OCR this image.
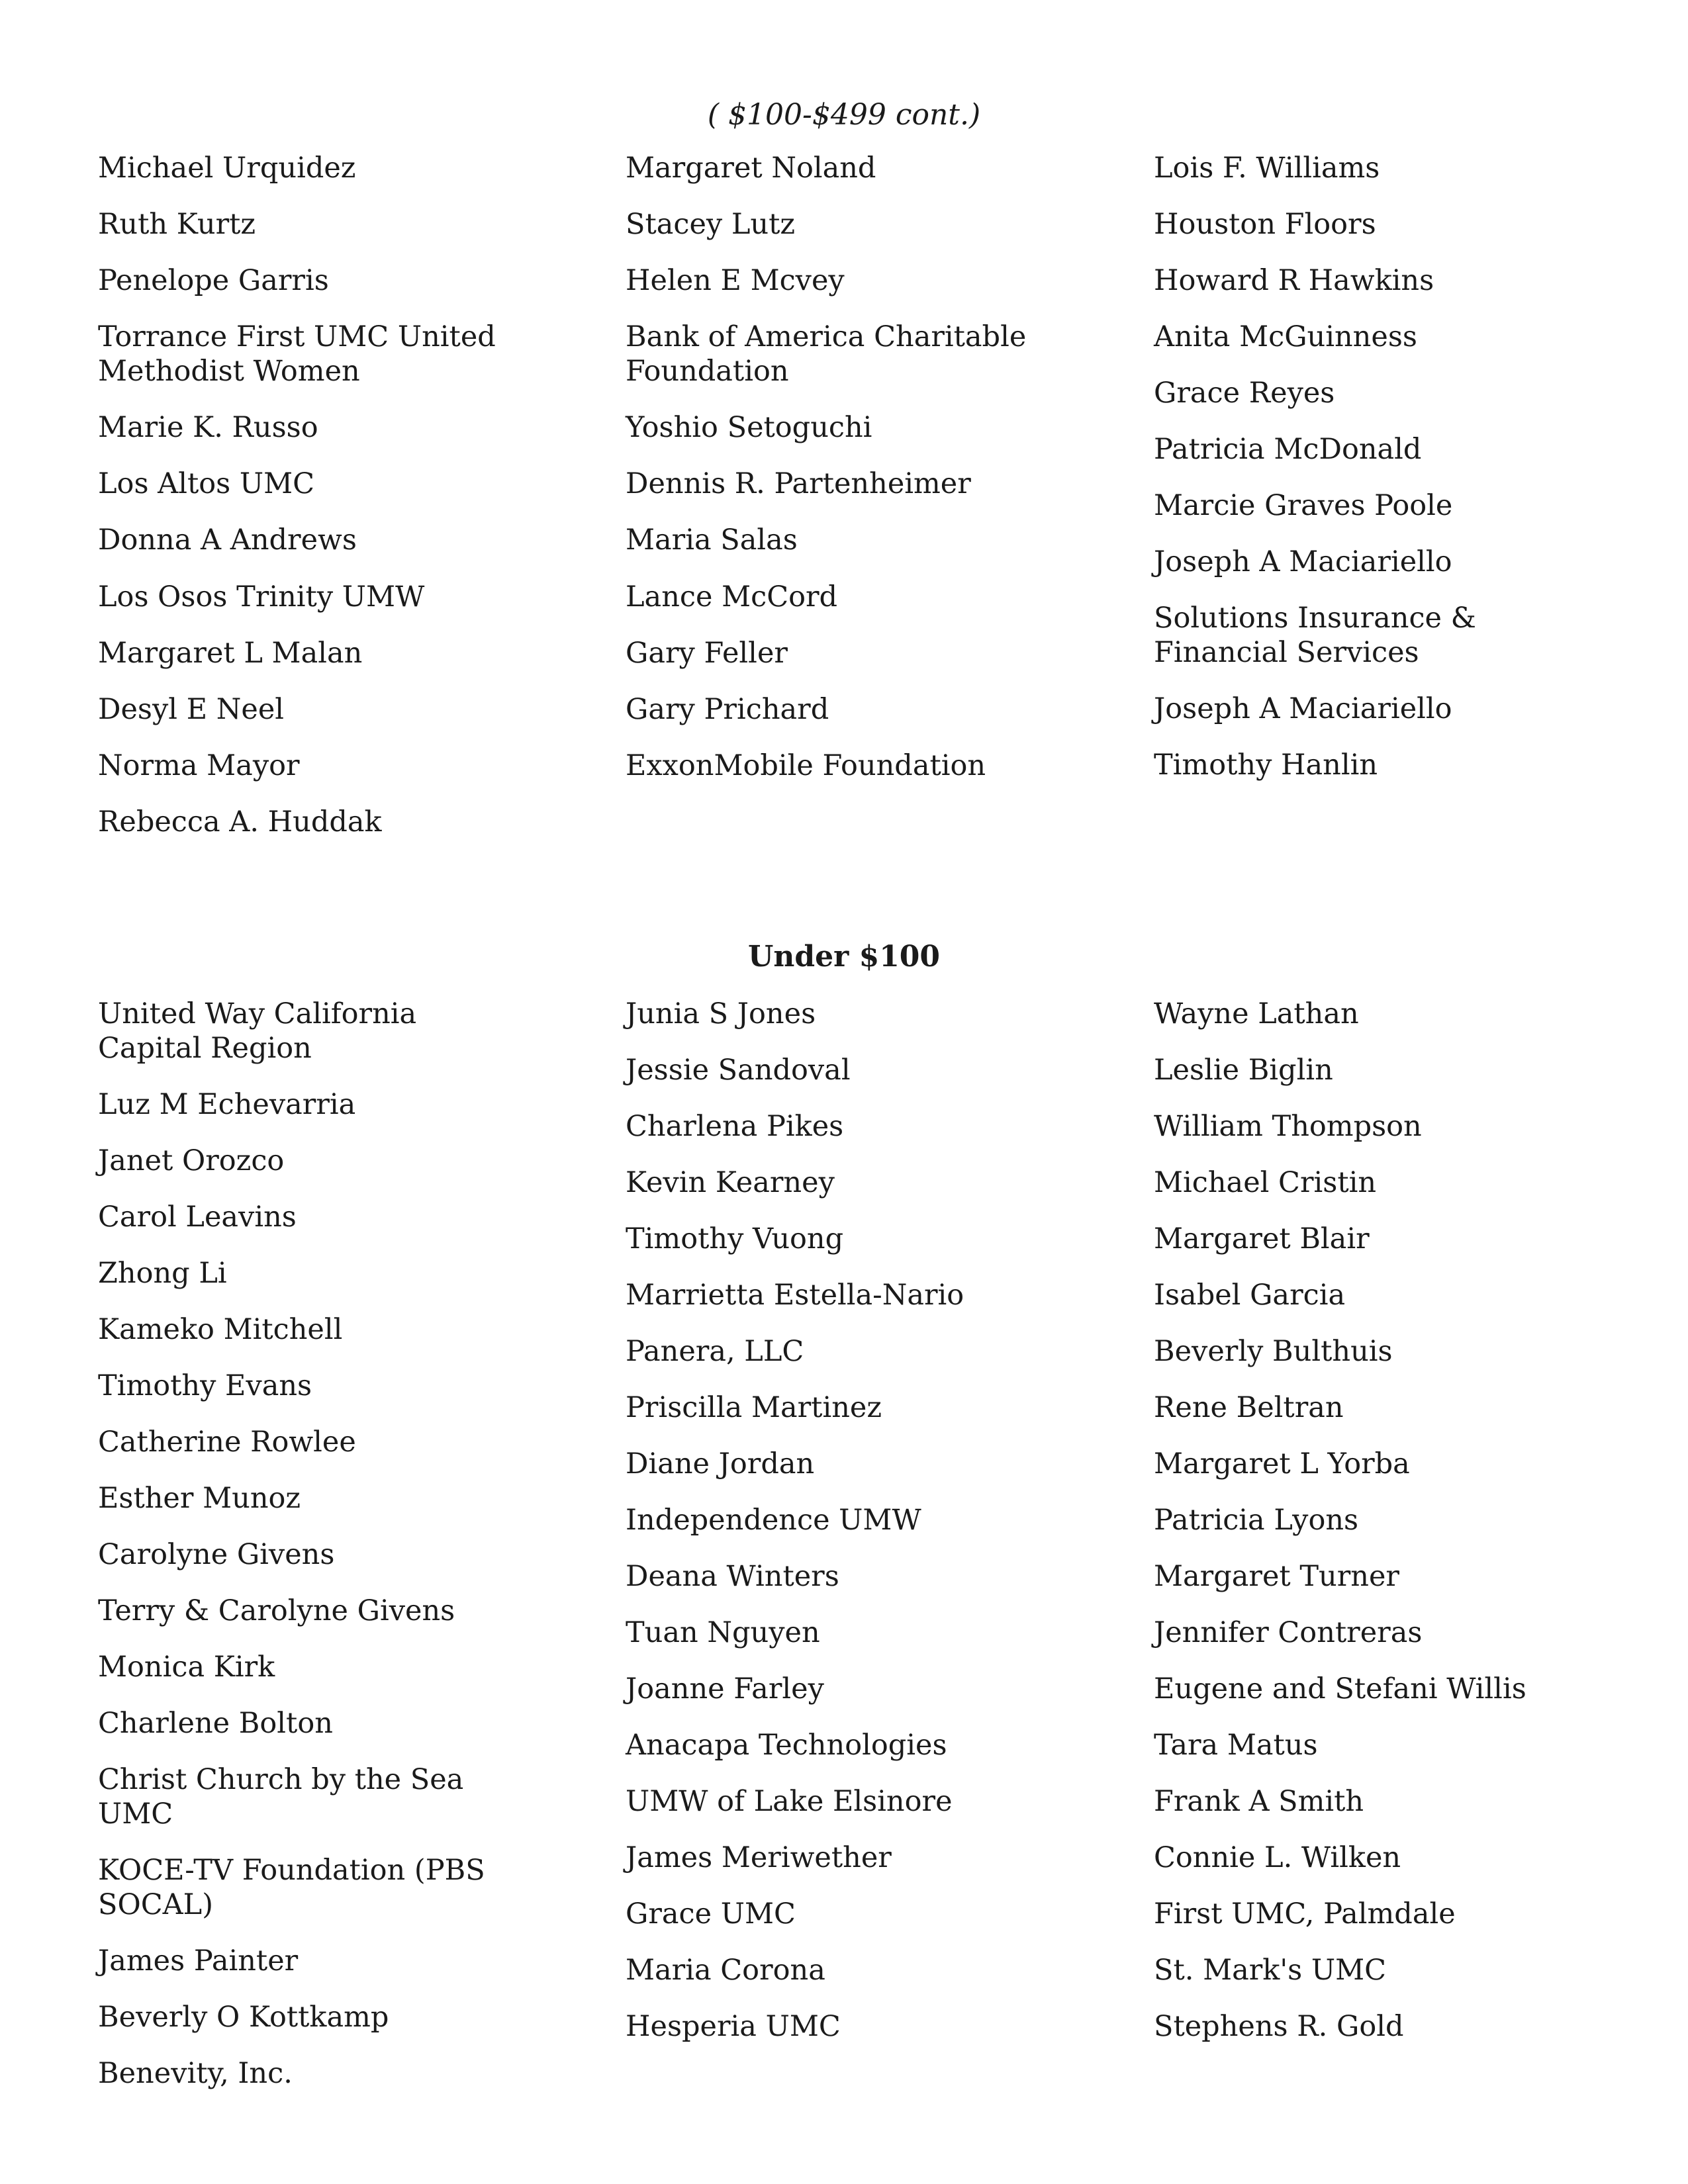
( $100-$499 cont.)
Michael Urquidez
Ruth Kurtz
Penelope Garris
Torrance First UMC United Methodist Women
Marie K. Russo
Los Altos UMC
Donna A Andrews
Los Osos Trinity UMW
Margaret L Malan
Desyl E Neel
Norma Mayor
Rebecca A. Huddak
Margaret Noland
Stacey Lutz
Helen E Mcvey
Bank of America Charitable Foundation
Yoshio Setoguchi
Dennis R. Partenheimer
Maria Salas
Lance McCord
Gary Feller
Gary Prichard
ExxonMobile Foundation
Lois F. Williams
Houston Floors
Howard R Hawkins
Anita McGuinness
Grace Reyes
Patricia McDonald
Marcie Graves Poole
Joseph A Maciariello
Solutions Insurance & Financial Services
Joseph A Maciariello
Timothy Hanlin
Under $100
United Way California Capital Region
Luz M Echevarria
Janet Orozco
Carol Leavins
Zhong Li
Kameko Mitchell
Timothy Evans
Catherine Rowlee
Esther Munoz
Carolyne Givens
Terry & Carolyne Givens
Monica Kirk
Charlene Bolton
Christ Church by the Sea UMC
KOCE-TV Foundation (PBS SOCAL)
James Painter
Beverly O Kottkamp
Benevity, Inc.
Junia S Jones
Jessie Sandoval
Charlena Pikes
Kevin Kearney
Timothy Vuong
Marrietta Estella-Nario
Panera, LLC
Priscilla Martinez
Diane Jordan
Independence UMW
Deana Winters
Tuan Nguyen
Joanne Farley
Anacapa Technologies
UMW of Lake Elsinore
James Meriwether
Grace UMC
Maria Corona
Hesperia UMC
Wayne Lathan
Leslie Biglin
William Thompson
Michael Cristin
Margaret Blair
Isabel Garcia
Beverly Bulthuis
Rene Beltran
Margaret L Yorba
Patricia Lyons
Margaret Turner
Jennifer Contreras
Eugene and Stefani Willis
Tara Matus
Frank A Smith
Connie L. Wilken
First UMC, Palmdale
St. Mark's UMC
Stephens R. Gold
